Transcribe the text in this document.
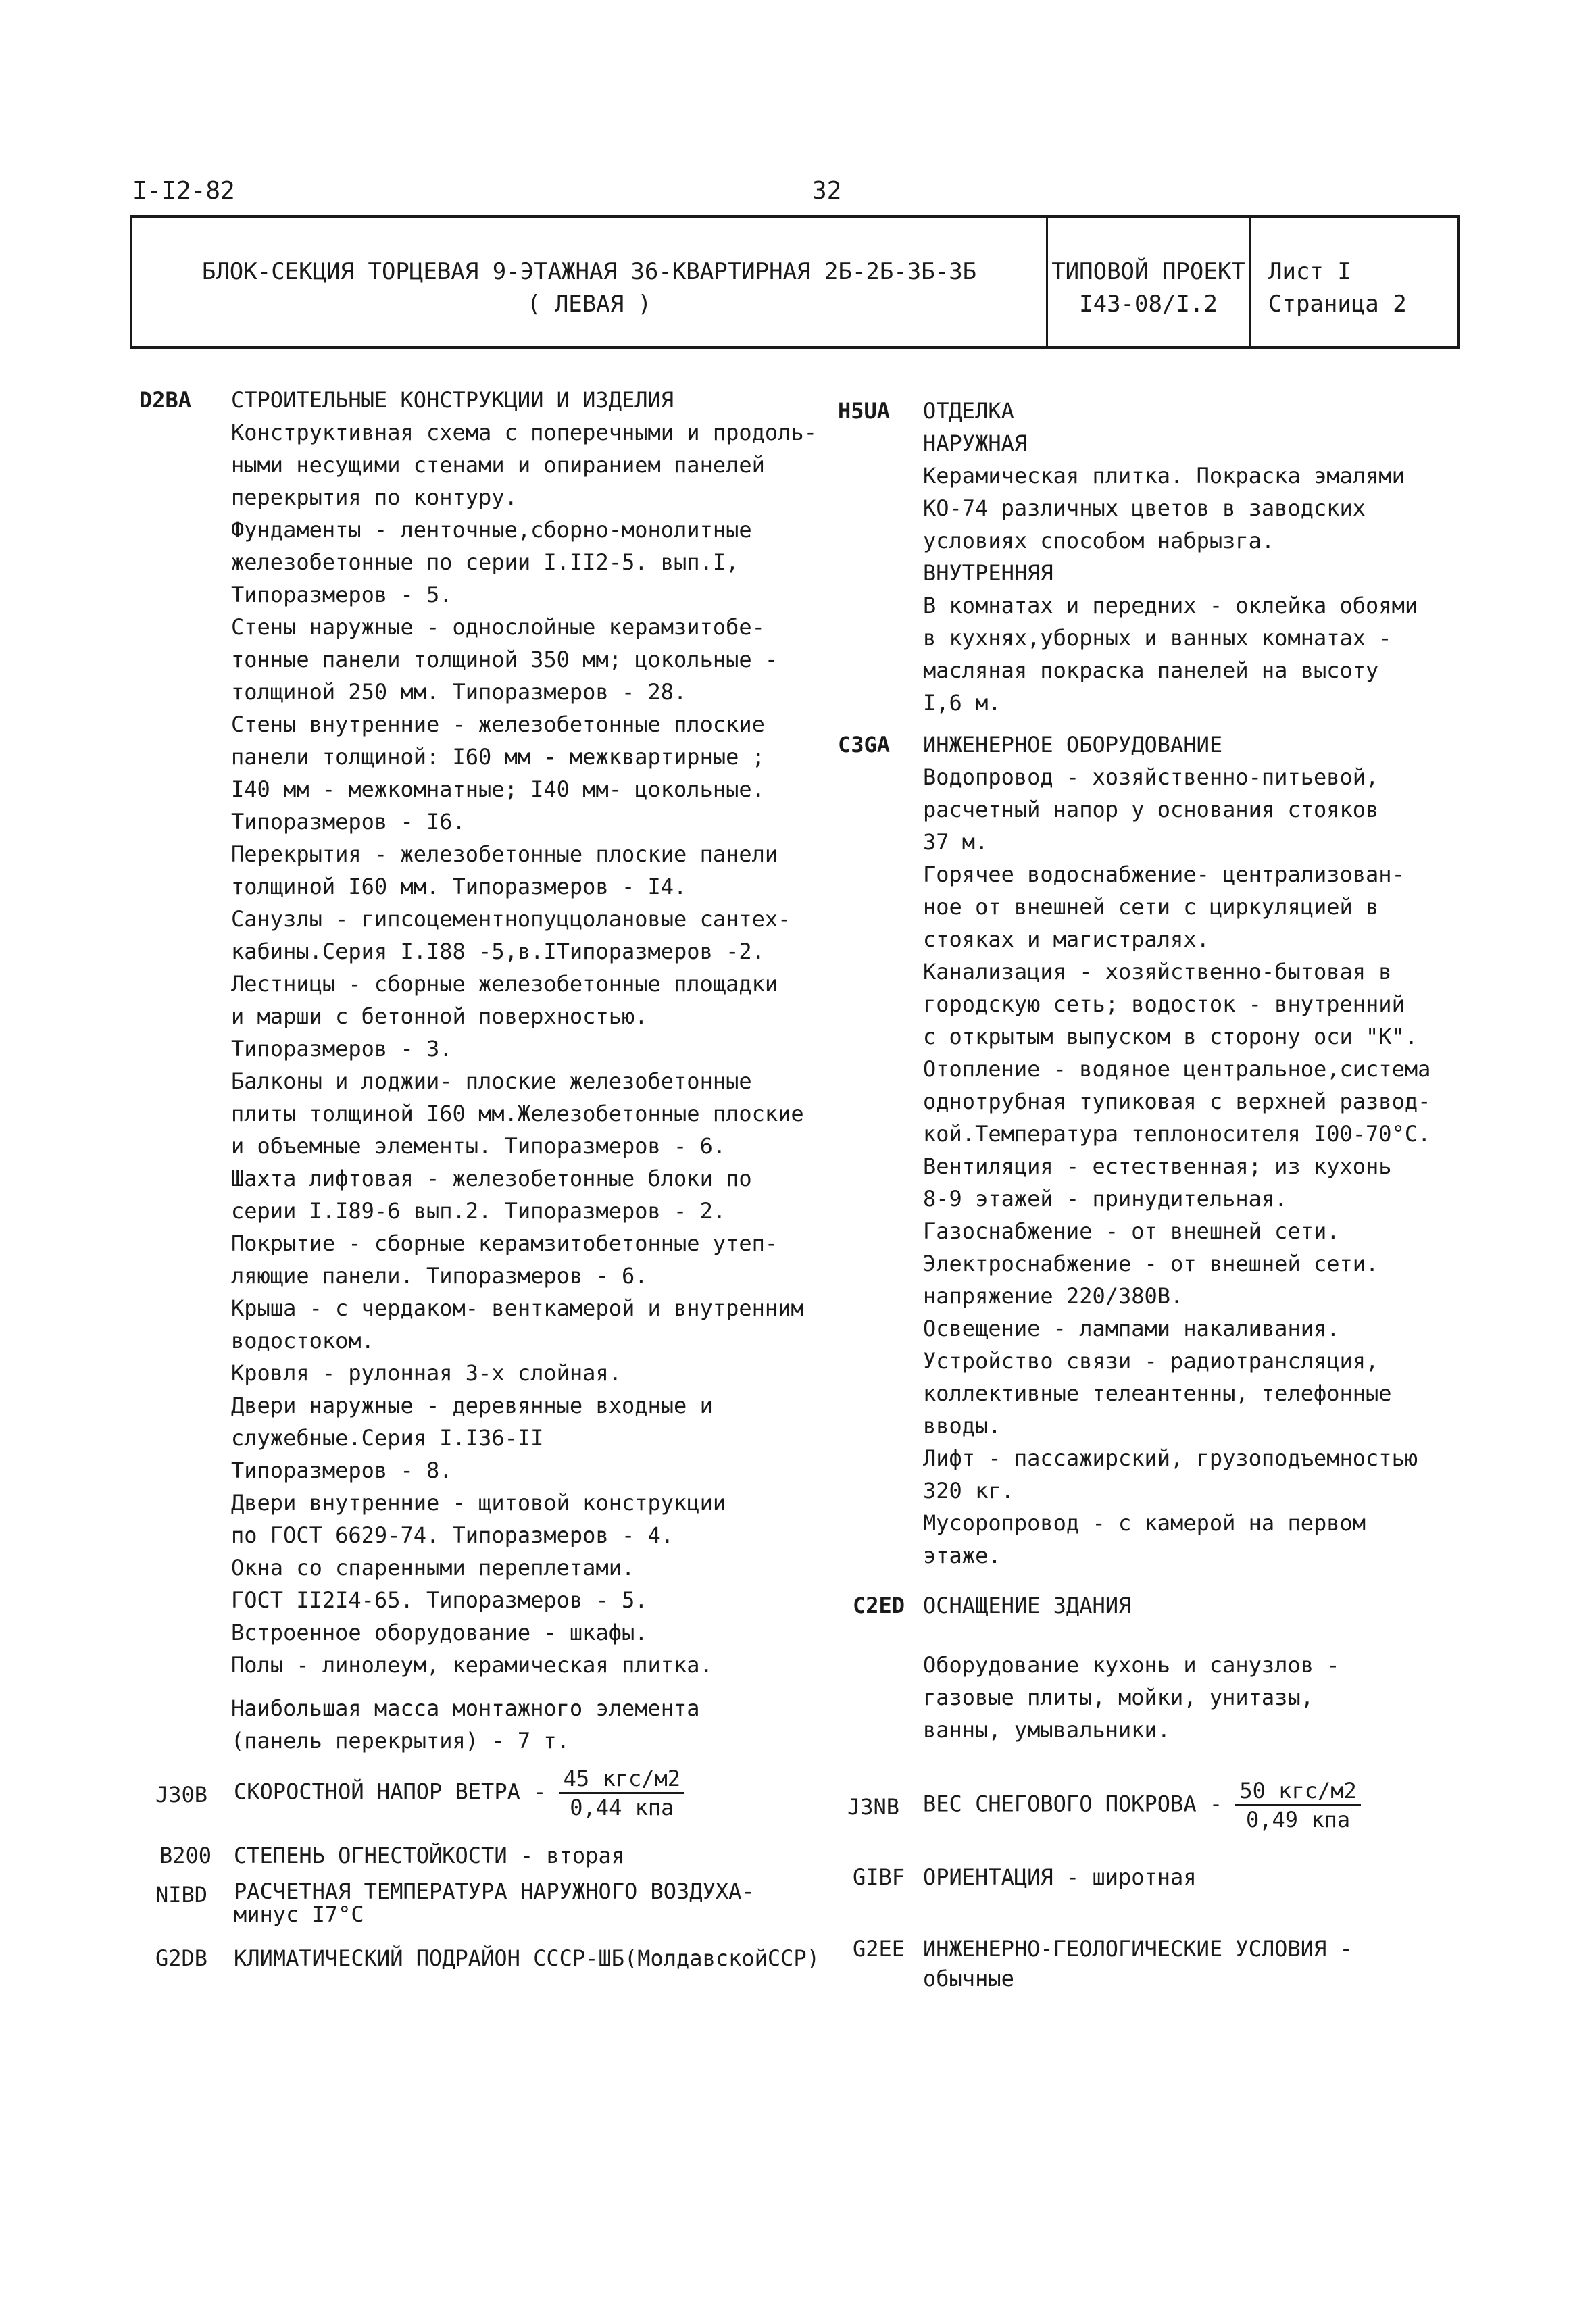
I-I2-82	32
БЛОК-СЕКЦИЯ ТОРЦЕВАЯ 9-ЭТАЖНАЯ 36-КВАРТИРНАЯ 2Б-2Б-3Б-3Б
( ЛЕВАЯ )
ТИПОВОЙ ПРОЕКТ
I43-08/I.2
Лист I
Страница 2
D2BA СТРОИТЕЛЬНЫЕ КОНСТРУКЦИИ И ИЗДЕЛИЯ
Конструктивная схема с поперечными и продоль-
ными несущими стенами и опиранием панелей
перекрытия по контуру.
Фундаменты - ленточные,сборно-монолитные
железобетонные по серии I.II2-5. вып.I,
Типоразмеров - 5.
Стены наружные - однослойные керамзитобе-
тонные панели толщиной 350 мм; цокольные -
толщиной 250 мм. Типоразмеров - 28.
Стены внутренние - железобетонные плоские
панели толщиной: I60 мм - межквартирные ;
I40 мм - межкомнатные; I40 мм- цокольные.
Типоразмеров - I6.
Перекрытия - железобетонные плоские панели
толщиной I60 мм. Типоразмеров - I4.
Санузлы - гипсоцементнопуццолановые сантех-
кабины.Серия I.I88 -5,в.IТипоразмеров -2.
Лестницы - сборные железобетонные площадки
и марши с бетонной поверхностью.
Типоразмеров - 3.
Балконы и лоджии- плоские железобетонные
плиты толщиной I60 мм.Железобетонные плоские
и объемные элементы. Типоразмеров - 6.
Шахта лифтовая - железобетонные блоки по
серии I.I89-6 вып.2. Типоразмеров - 2.
Покрытие - сборные керамзитобетонные утеп-
ляющие панели. Типоразмеров - 6.
Крыша - с чердаком- венткамерой и внутренним
водостоком.
Кровля - рулонная 3-х слойная.
Двери наружные - деревянные входные и
служебные.Серия I.I36-II
Типоразмеров - 8.
Двери внутренние - щитовой конструкции
по ГОСТ 6629-74. Типоразмеров - 4.
Окна со спаренными переплетами.
ГОСТ II2I4-65. Типоразмеров - 5.
Встроенное оборудование - шкафы.
Полы - линолеум, керамическая плитка.
Наибольшая масса монтажного элемента
(панель перекрытия) - 7 т.
J30B СКОРОСТНОЙ НАПОР ВЕТРА - $\frac{\text{45 кгс/м2}}{\text{0,44 кпа}}$
B200 СТЕПЕНЬ ОГНЕСТОЙКОСТИ - вторая
NIBD РАСЧЕТНАЯ ТЕМПЕРАТУРА НАРУЖНОГО ВОЗДУХА-
минус I7°С
G2DB КЛИМАТИЧЕСКИЙ ПОДРАЙОН СССР-ШБ(МолдавскойССР)
H5UA ОТДЕЛКА
НАРУЖНАЯ
Керамическая плитка. Покраска эмалями
КО-74 различных цветов в заводских
условиях способом набрызга.
ВНУТРЕННЯЯ
В комнатах и передних - оклейка обоями
в кухнях,уборных и ванных комнатах -
масляная покраска панелей на высоту
I,6 м.
C3GA ИНЖЕНЕРНОЕ ОБОРУДОВАНИЕ
Водопровод - хозяйственно-питьевой,
расчетный напор у основания стояков
37 м.
Горячее водоснабжение- централизован-
ное от внешней сети с циркуляцией в
стояках и магистралях.
Канализация - хозяйственно-бытовая в
городскую сеть; водосток - внутренний
с открытым выпуском в сторону оси "К".
Отопление - водяное центральное,система
однотрубная тупиковая с верхней развод-
кой.Температура теплоносителя I00-70°С.
Вентиляция - естественная; из кухонь
8-9 этажей - принудительная.
Газоснабжение - от внешней сети.
Электроснабжение - от внешней сети.
напряжение 220/380В.
Освещение - лампами накаливания.
Устройство связи - радиотрансляция,
коллективные телеантенны, телефонные
вводы.
Лифт - пассажирский, грузоподъемностью
320 кг.
Мусоропровод - с камерой на первом
этаже.
C2ED ОСНАЩЕНИЕ ЗДАНИЯ
Оборудование кухонь и санузлов -
газовые плиты, мойки, унитазы,
ванны, умывальники.
J3NB ВЕС СНЕГОВОГО ПОКРОВА - $\frac{\text{50 кгс/м2}}{\text{0,49 кпа}}$
GIBF ОРИЕНТАЦИЯ - широтная
G2EE ИНЖЕНЕРНО-ГЕОЛОГИЧЕСКИЕ УСЛОВИЯ -
обычные
